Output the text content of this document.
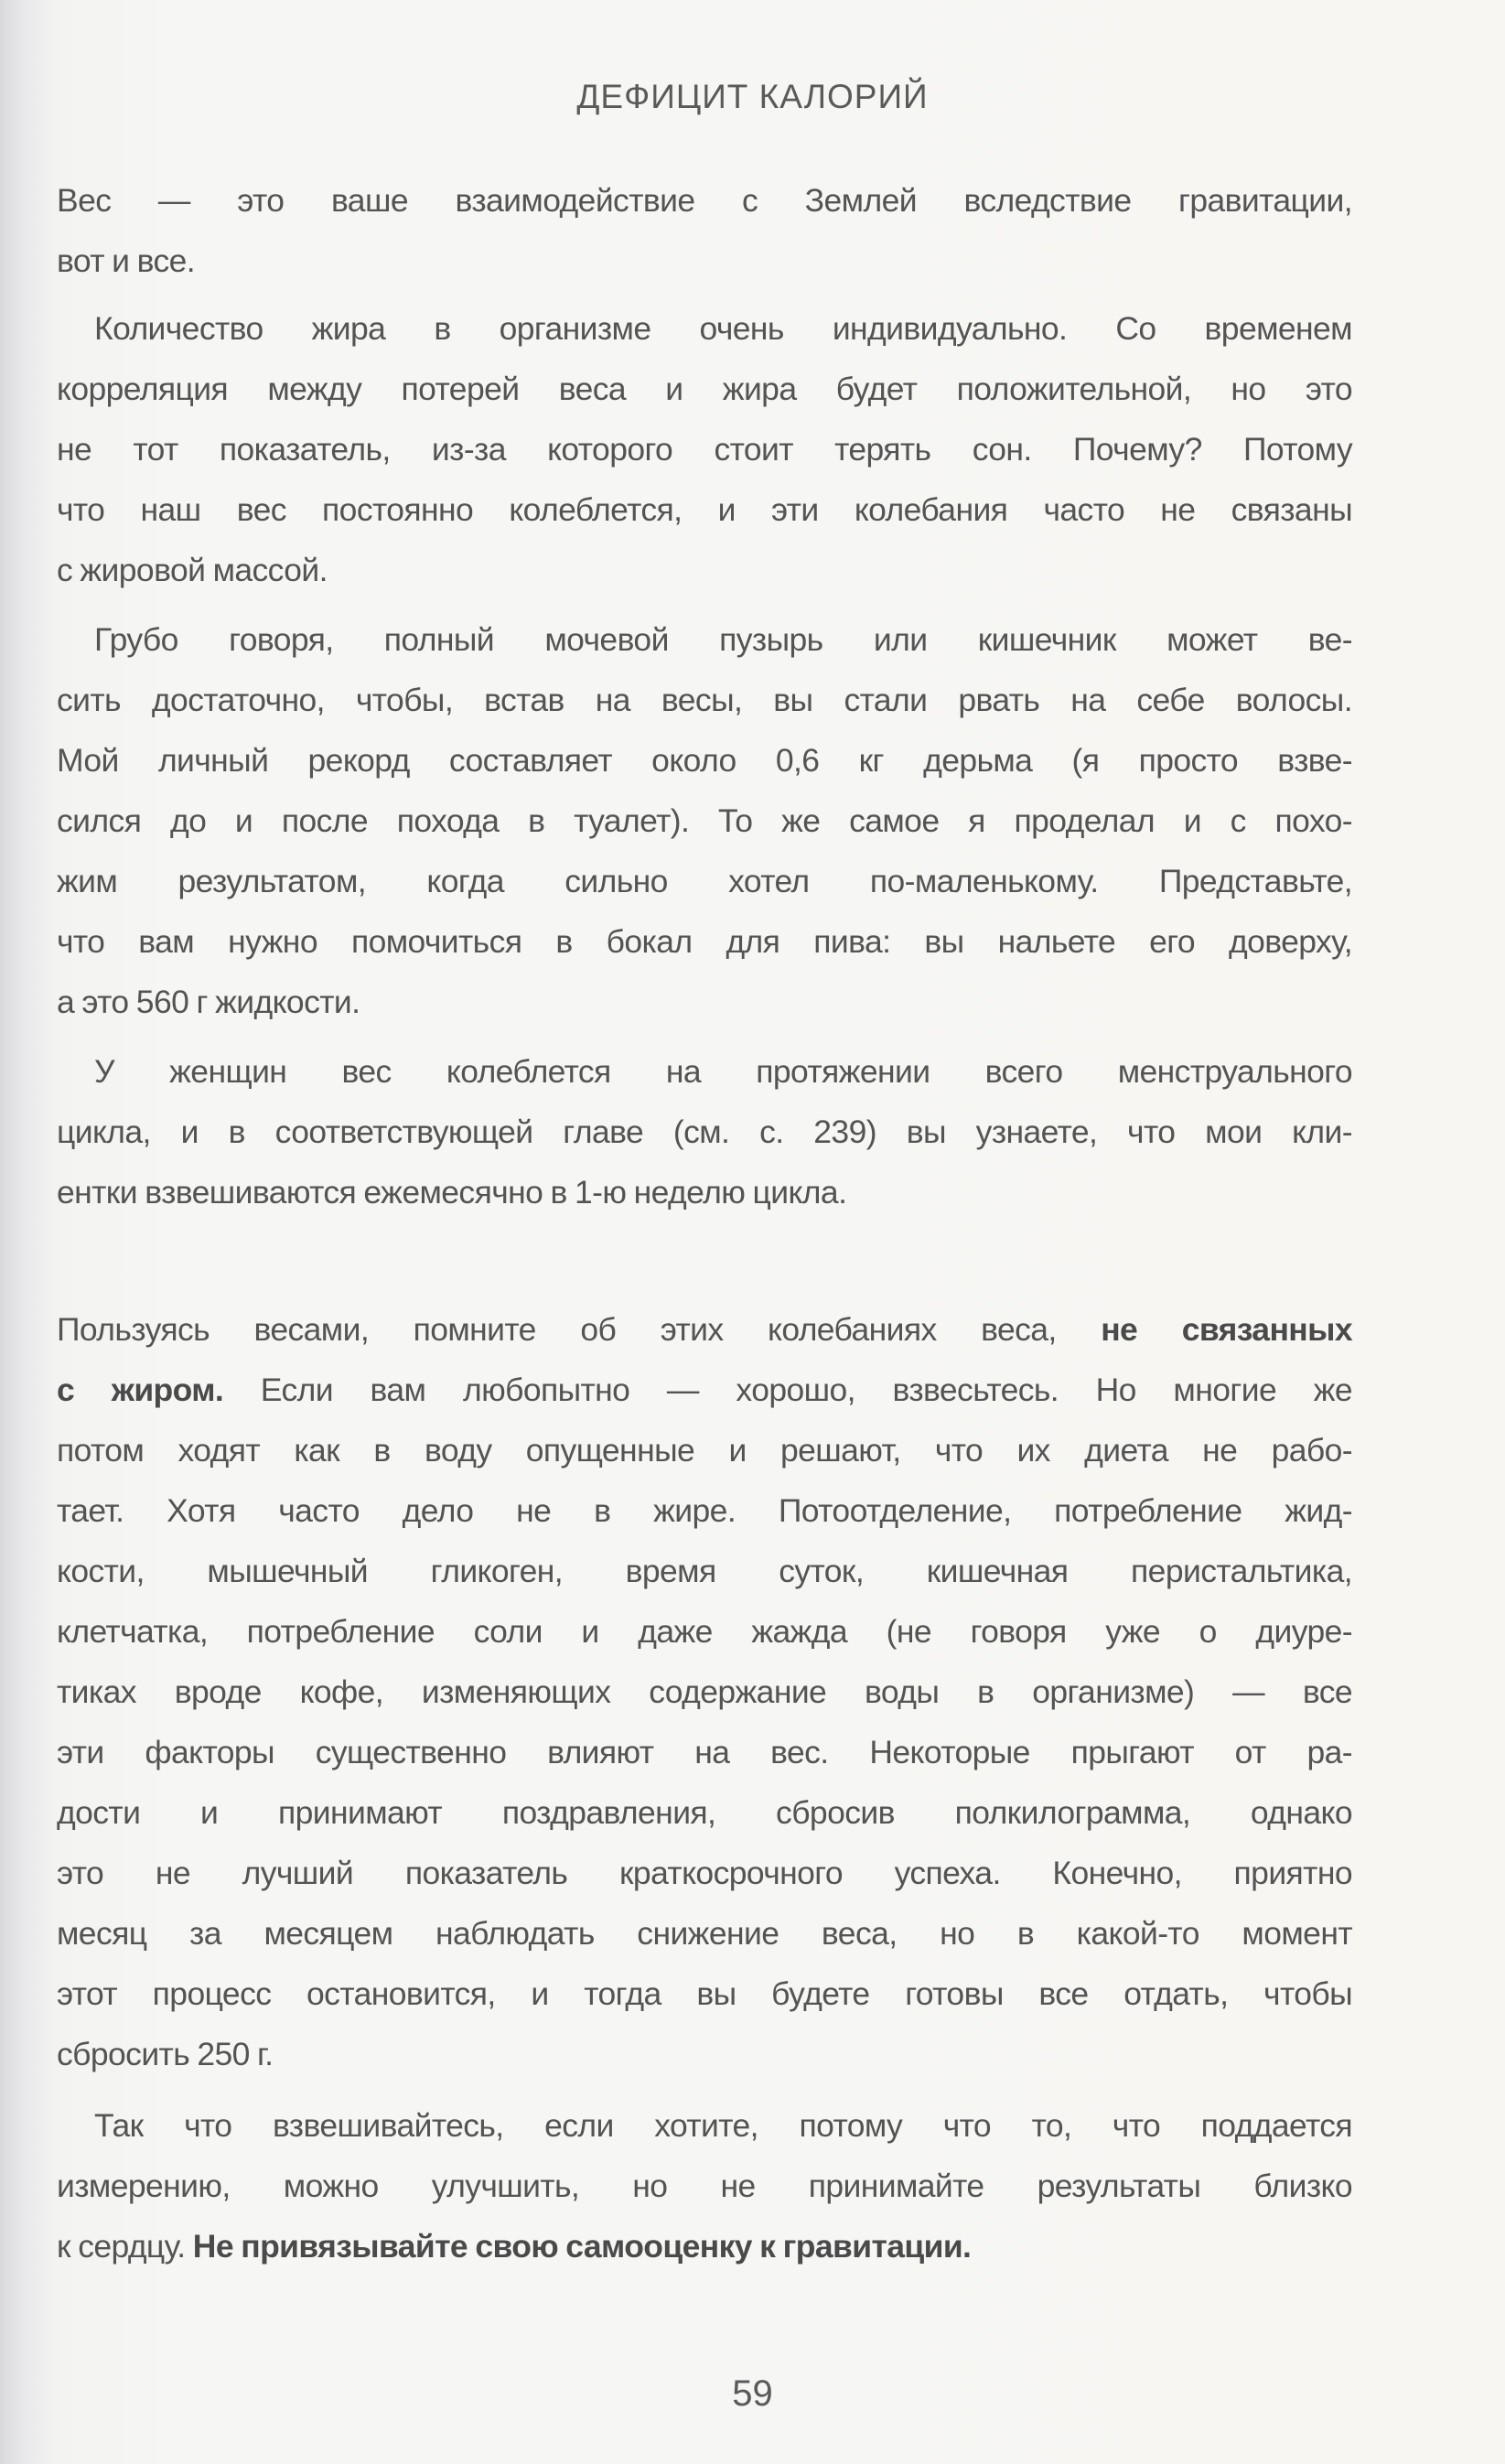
ДЕФИЦИТ КАЛОРИЙ
Вес — это ваше взаимодействие с Землей вследствие гравитации,
вот и все.
Количество жира в организме очень индивидуально. Со временем
корреляция между потерей веса и жира будет положительной, но это
не тот показатель, из-за которого стоит терять сон. Почему? Потому
что наш вес постоянно колеблется, и эти колебания часто не связаны
с жировой массой.
Грубо говоря, полный мочевой пузырь или кишечник может ве-
сить достаточно, чтобы, встав на весы, вы стали рвать на себе волосы.
Мой личный рекорд составляет около 0,6 кг дерьма (я просто взве-
сился до и после похода в туалет). То же самое я проделал и с похо-
жим результатом, когда сильно хотел по-маленькому. Представьте,
что вам нужно помочиться в бокал для пива: вы нальете его доверху,
а это 560 г жидкости.
У женщин вес колеблется на протяжении всего менструального
цикла, и в соответствующей главе (см. с. 239) вы узнаете, что мои кли-
ентки взвешиваются ежемесячно в 1-ю неделю цикла.
Пользуясь весами, помните об этих колебаниях веса, не связанных
с жиром. Если вам любопытно — хорошо, взвесьтесь. Но многие же
потом ходят как в воду опущенные и решают, что их диета не рабо-
тает. Хотя часто дело не в жире. Потоотделение, потребление жид-
кости, мышечный гликоген, время суток, кишечная перистальтика,
клетчатка, потребление соли и даже жажда (не говоря уже о диуре-
тиках вроде кофе, изменяющих содержание воды в организме) — все
эти факторы существенно влияют на вес. Некоторые прыгают от ра-
дости и принимают поздравления, сбросив полкилограмма, однако
это не лучший показатель краткосрочного успеха. Конечно, приятно
месяц за месяцем наблюдать снижение веса, но в какой-то момент
этот процесс остановится, и тогда вы будете готовы все отдать, чтобы
сбросить 250 г.
Так что взвешивайтесь, если хотите, потому что то, что поддается
измерению, можно улучшить, но не принимайте результаты близко
к сердцу. Не привязывайте свою самооценку к гравитации.
59
